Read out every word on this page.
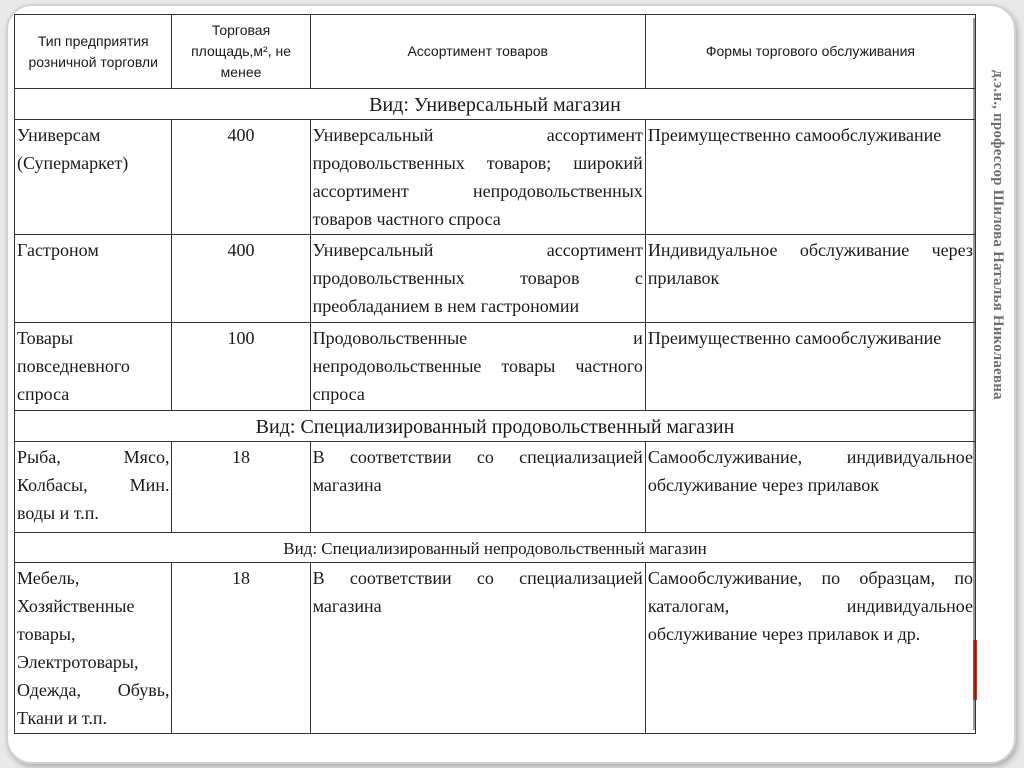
д.э.н., профессор Шилова Наталья Николаевна
Тип предприятия розничной торговли	Торговая площадь,м², не менее	Ассортимент товаров	Формы торгового обслуживания
Вид: Универсальный магазин			
Универсам (Супермаркет)	400	Универсальный ассортимент продовольственных товаров; широкий ассортимент непродовольственных товаров частного спроса	Преимущественно самообслуживание
Гастроном	400	Универсальный ассортимент продовольственных товаров с преобладанием в нем гастрономии	Индивидуальное обслуживание через прилавок
Товары повседневного спроса	100	Продовольственные и непродовольственные товары частного спроса	Преимущественно самообслуживание
Вид: Специализированный продовольственный магазин			
Рыба, Мясо, Колбасы, Мин. воды и т.п.	18	В соответствии со специализацией магазина	Самообслуживание, индивидуальное обслуживание через прилавок
Вид: Специализированный непродовольственный магазин			
Мебель, Хозяйственные товары, Электротовары, Одежда, Обувь, Ткани и т.п.	18	В соответствии со специализацией магазина	Самообслуживание, по образцам, по каталогам, индивидуальное обслуживание через прилавок и др.
